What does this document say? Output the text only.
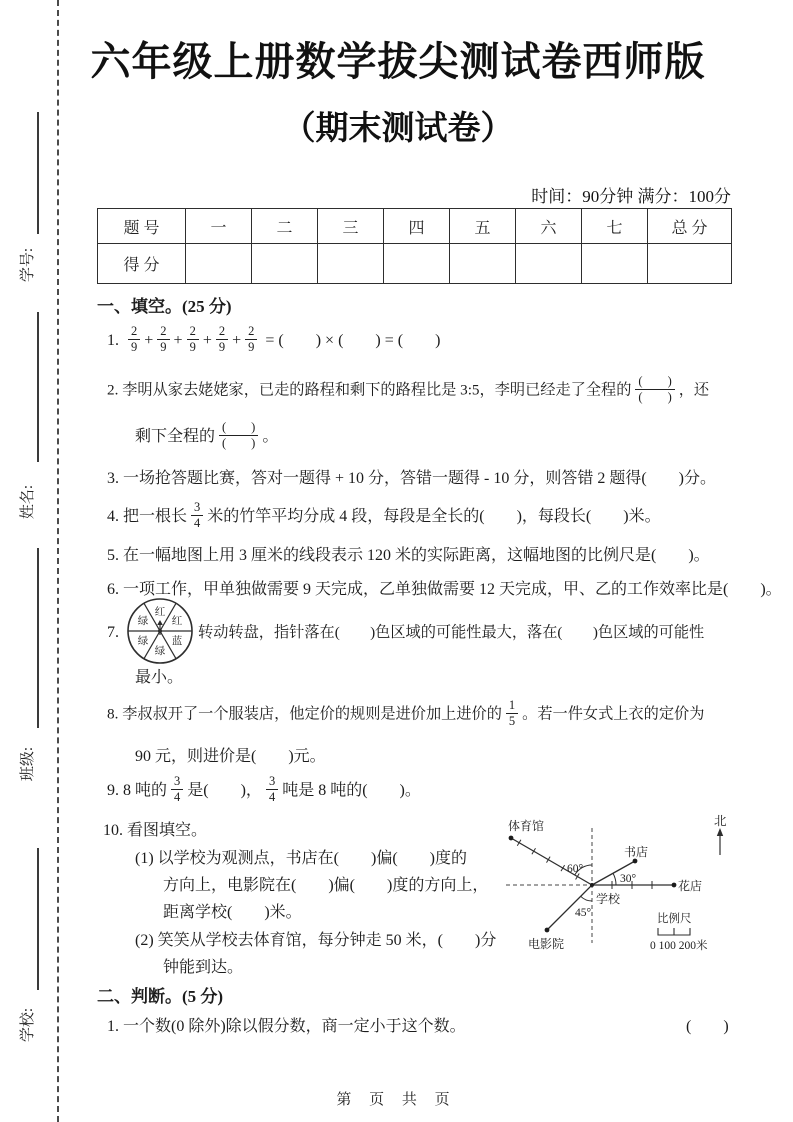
学号:
姓名:
班级:
学校:
六年级上册数学拔尖测试卷西师版
（期末测试卷）
时间：90分钟 满分：100分
题 号	一	二	三	四	五	六	七	总 分
得 分								
一、填空。(25 分)
1. $\frac{2}{9} + \frac{2}{9} + \frac{2}{9} + \frac{2}{9} + \frac{2}{9}$ = (　　) × (　　) = (　　)
2. 李明从家去姥姥家，已走的路程和剩下的路程比是 3:5，李明已经走了全程的 $\frac{( )}{( )}$ ，还
剩下全程的 $\frac{( )}{( )}$ 。
3. 一场抢答题比赛，答对一题得 + 10 分，答错一题得 - 10 分，则答错 2 题得(　　)分。
4. 把一根长 $\frac{3}{4}$ 米的竹竿平均分成 4 段，每段是全长的(　　)，每段长(　　)米。
5. 在一幅地图上用 3 厘米的线段表示 120 米的实际距离，这幅地图的比例尺是(　　)。
6. 一项工作，甲单独做需要 9 天完成，乙单独做需要 12 天完成，甲、乙的工作效率比是(　　)。
7.
红
红
蓝
绿
绿
绿
转动转盘，指针落在(　　)色区域的可能性最大，落在(　　)色区域的可能性
最小。
8. 李叔叔开了一个服装店，他定价的规则是进价加上进价的 $\frac{1}{5}$ 。若一件女式上衣的定价为
90 元，则进价是(　　)元。
9. 8 吨的 $\frac{3}{4}$ 是(　　)， $\frac{3}{4}$ 吨是 8 吨的(　　)。
10. 看图填空。
(1) 以学校为观测点，书店在(　　)偏(　　)度的
方向上，电影院在(　　)偏(　　)度的方向上，
距离学校(　　)米。
(2) 笑笑从学校去体育馆，每分钟走 50 米，(　　)分
钟能到达。
北
体育馆
书店
花店
电影院
学校
60°
30°
45°	比例尺
0 100 200米
二、判断。(5 分)
1. 一个数(0 除外)除以假分数，商一定小于这个数。	(　　)
第 页 共 页
